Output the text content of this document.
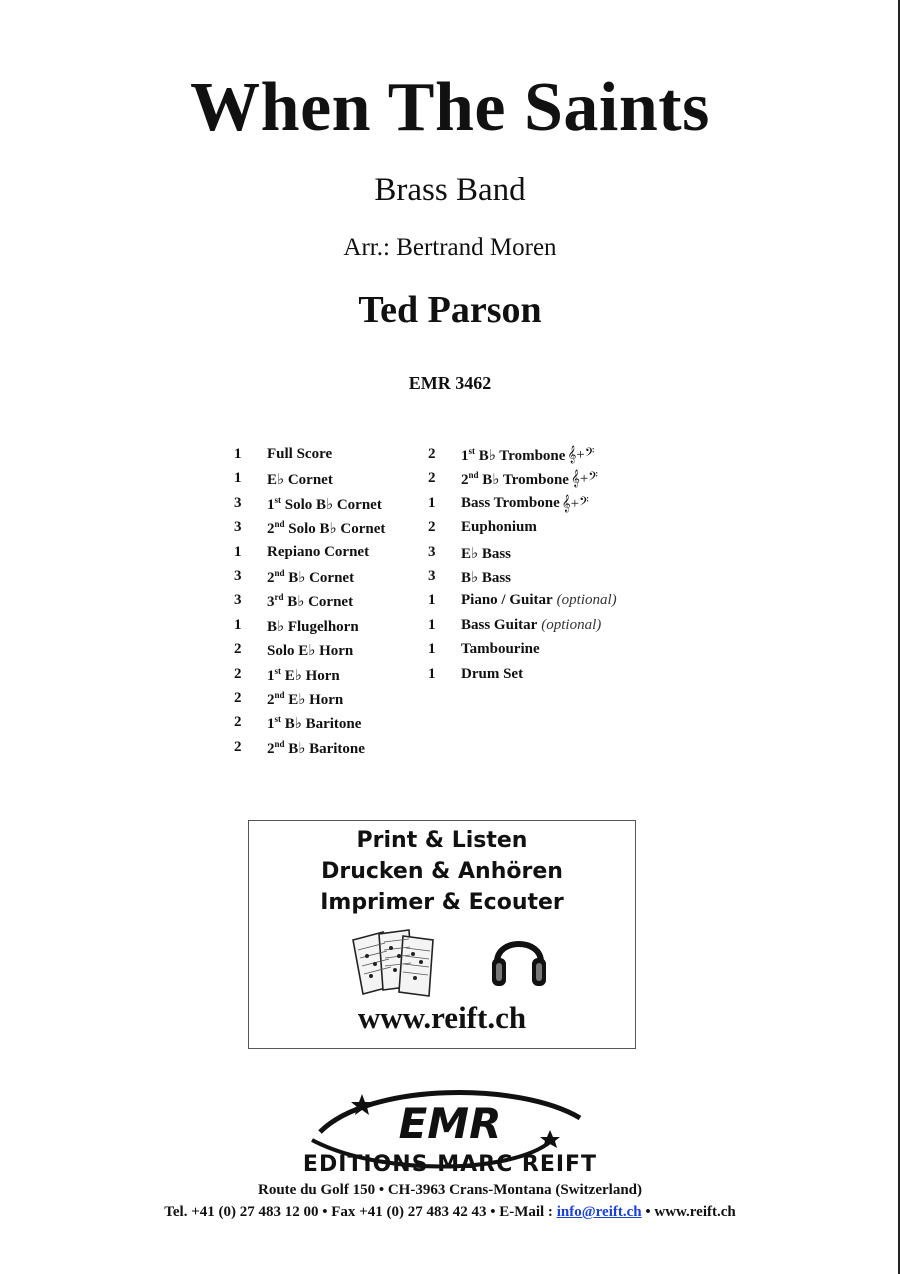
When The Saints
Brass Band
Arr.: Bertrand Moren
Ted Parson
EMR 3462
1	Full Score
1	E♭ Cornet
3	1st Solo B♭ Cornet
3	2nd Solo B♭ Cornet
1	Repiano Cornet
3	2nd B♭ Cornet
3	3rd B♭ Cornet
1	B♭ Flugelhorn
2	Solo E♭ Horn
2	1st E♭ Horn
2	2nd E♭ Horn
2	1st B♭ Baritone
2	2nd B♭ Baritone
2	1st B♭ Trombone 𝄞+𝄢
2	2nd B♭ Trombone 𝄞+𝄢
1	Bass Trombone 𝄞+𝄢
2	Euphonium
3	E♭ Bass
3	B♭ Bass
1	Piano / Guitar (optional)
1	Bass Guitar (optional)
1	Tambourine
1	Drum Set
Print & Listen
Drucken & Anhören
Imprimer & Ecouter
www.reift.ch
EMR
EDITIONS MARC REIFT
Route du Golf 150 • CH-3963 Crans-Montana (Switzerland)
Tel. +41 (0) 27 483 12 00 • Fax +41 (0) 27 483 42 43 • E-Mail : info@reift.ch • www.reift.ch
